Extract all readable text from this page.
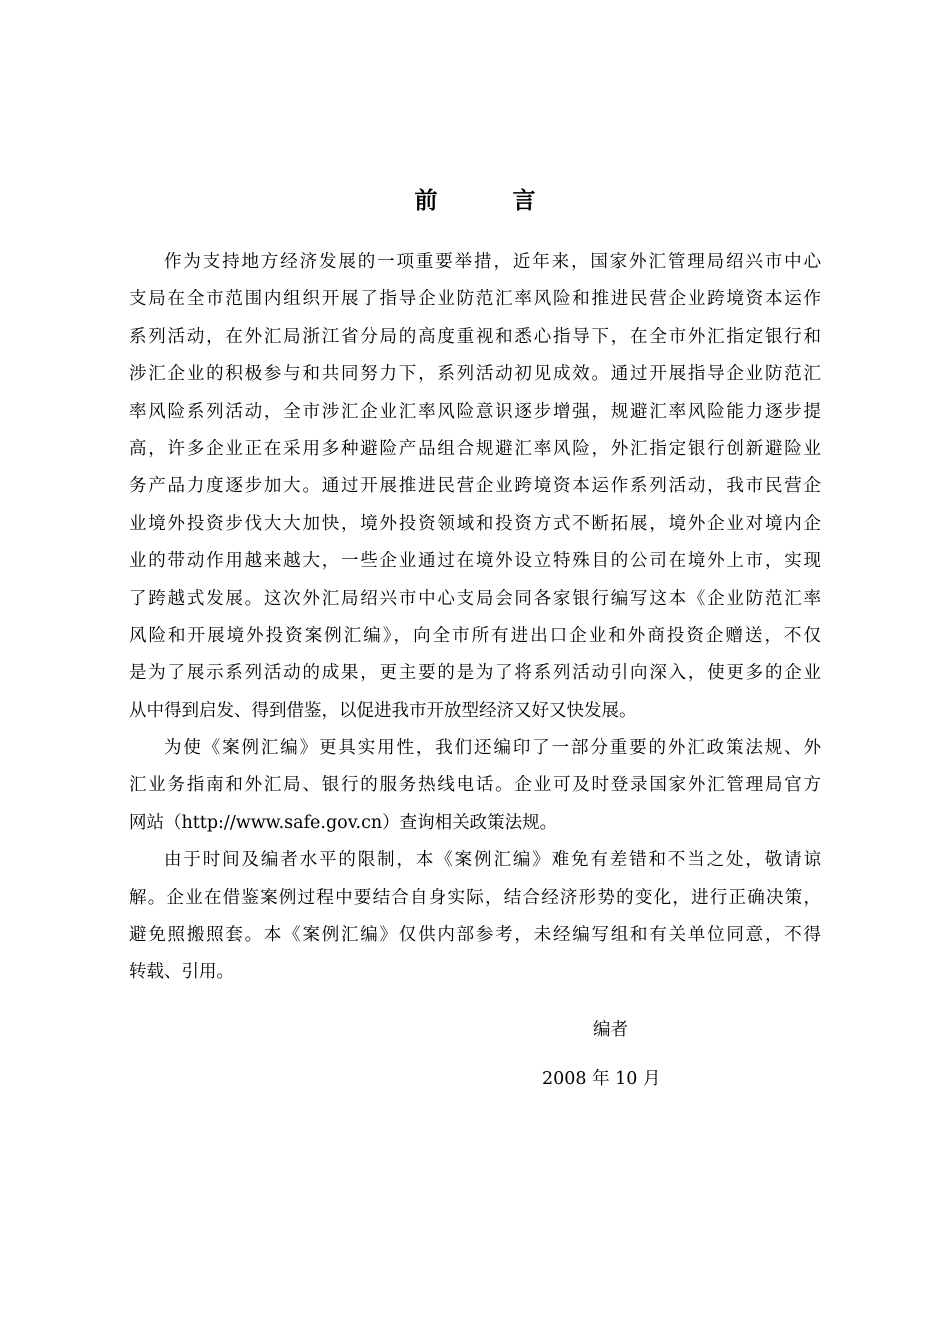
前　言
作为支持地方经济发展的一项重要举措，近年来，国家外汇管理局绍兴市中心
支局在全市范围内组织开展了指导企业防范汇率风险和推进民营企业跨境资本运作
系列活动，在外汇局浙江省分局的高度重视和悉心指导下，在全市外汇指定银行和
涉汇企业的积极参与和共同努力下，系列活动初见成效。通过开展指导企业防范汇
率风险系列活动，全市涉汇企业汇率风险意识逐步增强，规避汇率风险能力逐步提
高，许多企业正在采用多种避险产品组合规避汇率风险，外汇指定银行创新避险业
务产品力度逐步加大。通过开展推进民营企业跨境资本运作系列活动，我市民营企
业境外投资步伐大大加快，境外投资领域和投资方式不断拓展，境外企业对境内企
业的带动作用越来越大，一些企业通过在境外设立特殊目的公司在境外上市，实现
了跨越式发展。这次外汇局绍兴市中心支局会同各家银行编写这本《企业防范汇率
风险和开展境外投资案例汇编》，向全市所有进出口企业和外商投资企赠送，不仅
是为了展示系列活动的成果，更主要的是为了将系列活动引向深入，使更多的企业
从中得到启发、得到借鉴，以促进我市开放型经济又好又快发展。
为使《案例汇编》更具实用性，我们还编印了一部分重要的外汇政策法规、外
汇业务指南和外汇局、银行的服务热线电话。企业可及时登录国家外汇管理局官方
网站（http://www.safe.gov.cn）查询相关政策法规。
由于时间及编者水平的限制，本《案例汇编》难免有差错和不当之处，敬请谅
解。企业在借鉴案例过程中要结合自身实际，结合经济形势的变化，进行正确决策，
避免照搬照套。本《案例汇编》仅供内部参考，未经编写组和有关单位同意，不得
转载、引用。
编者
2008 年 10 月
